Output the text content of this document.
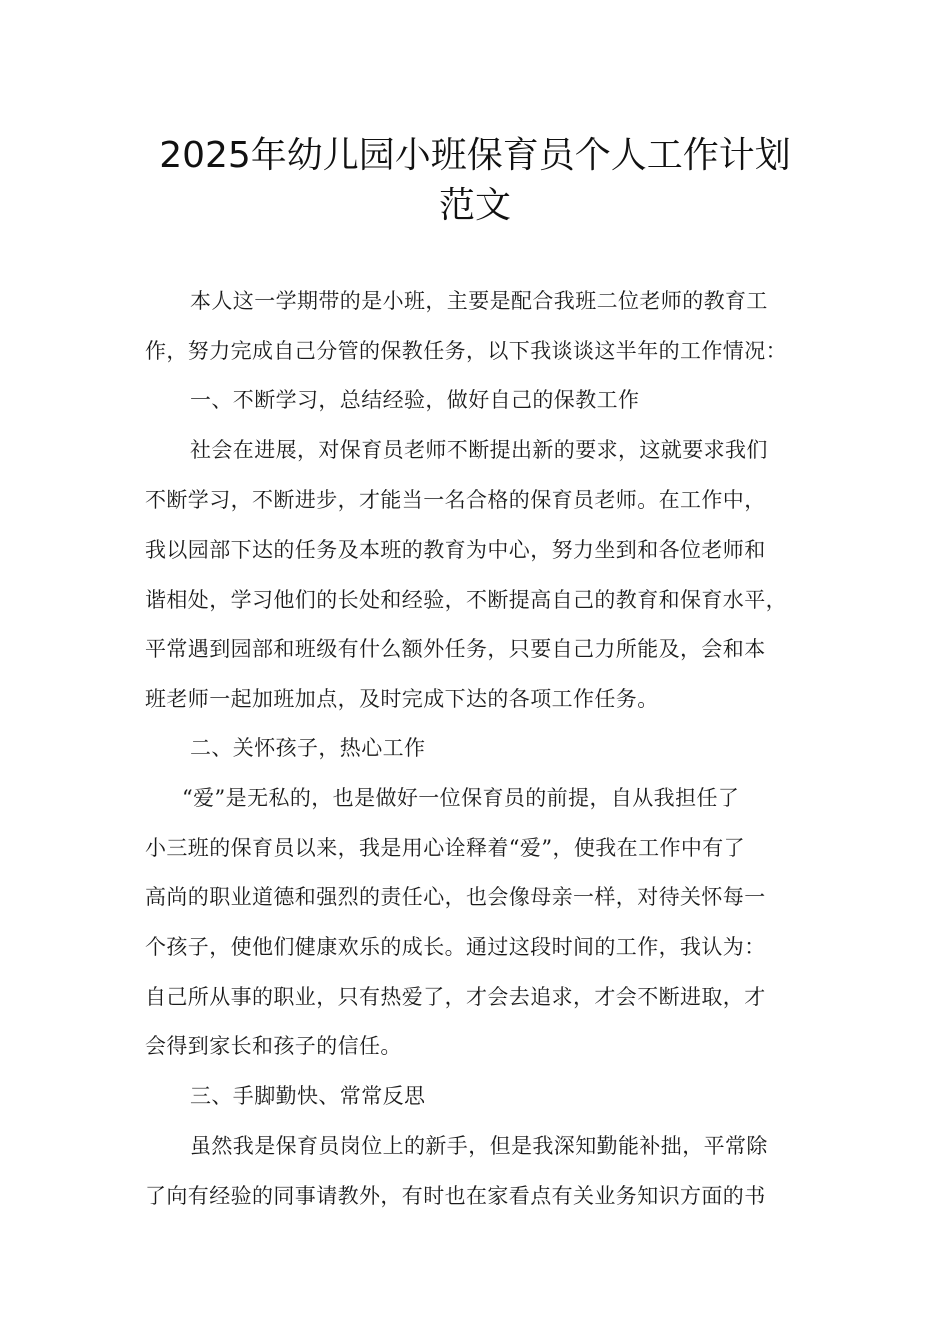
2025年幼儿园小班保育员个人工作计划
范文
本人这一学期带的是小班，主要是配合我班二位老师的教育工
作，努力完成自己分管的保教任务，以下我谈谈这半年的工作情况：
一、不断学习，总结经验，做好自己的保教工作
社会在进展，对保育员老师不断提出新的要求，这就要求我们
不断学习，不断进步，才能当一名合格的保育员老师。在工作中，
我以园部下达的任务及本班的教育为中心，努力坐到和各位老师和
谐相处，学习他们的长处和经验，不断提高自己的教育和保育水平，
平常遇到园部和班级有什么额外任务，只要自己力所能及，会和本
班老师一起加班加点，及时完成下达的各项工作任务。
二、关怀孩子，热心工作
“爱”是无私的，也是做好一位保育员的前提，自从我担任了
小三班的保育员以来，我是用心诠释着“爱”，使我在工作中有了
高尚的职业道德和强烈的责任心，也会像母亲一样，对待关怀每一
个孩子，使他们健康欢乐的成长。通过这段时间的工作，我认为：
自己所从事的职业，只有热爱了，才会去追求，才会不断进取，才
会得到家长和孩子的信任。
三、手脚勤快、常常反思
虽然我是保育员岗位上的新手，但是我深知勤能补拙，平常除
了向有经验的同事请教外，有时也在家看点有关业务知识方面的书
